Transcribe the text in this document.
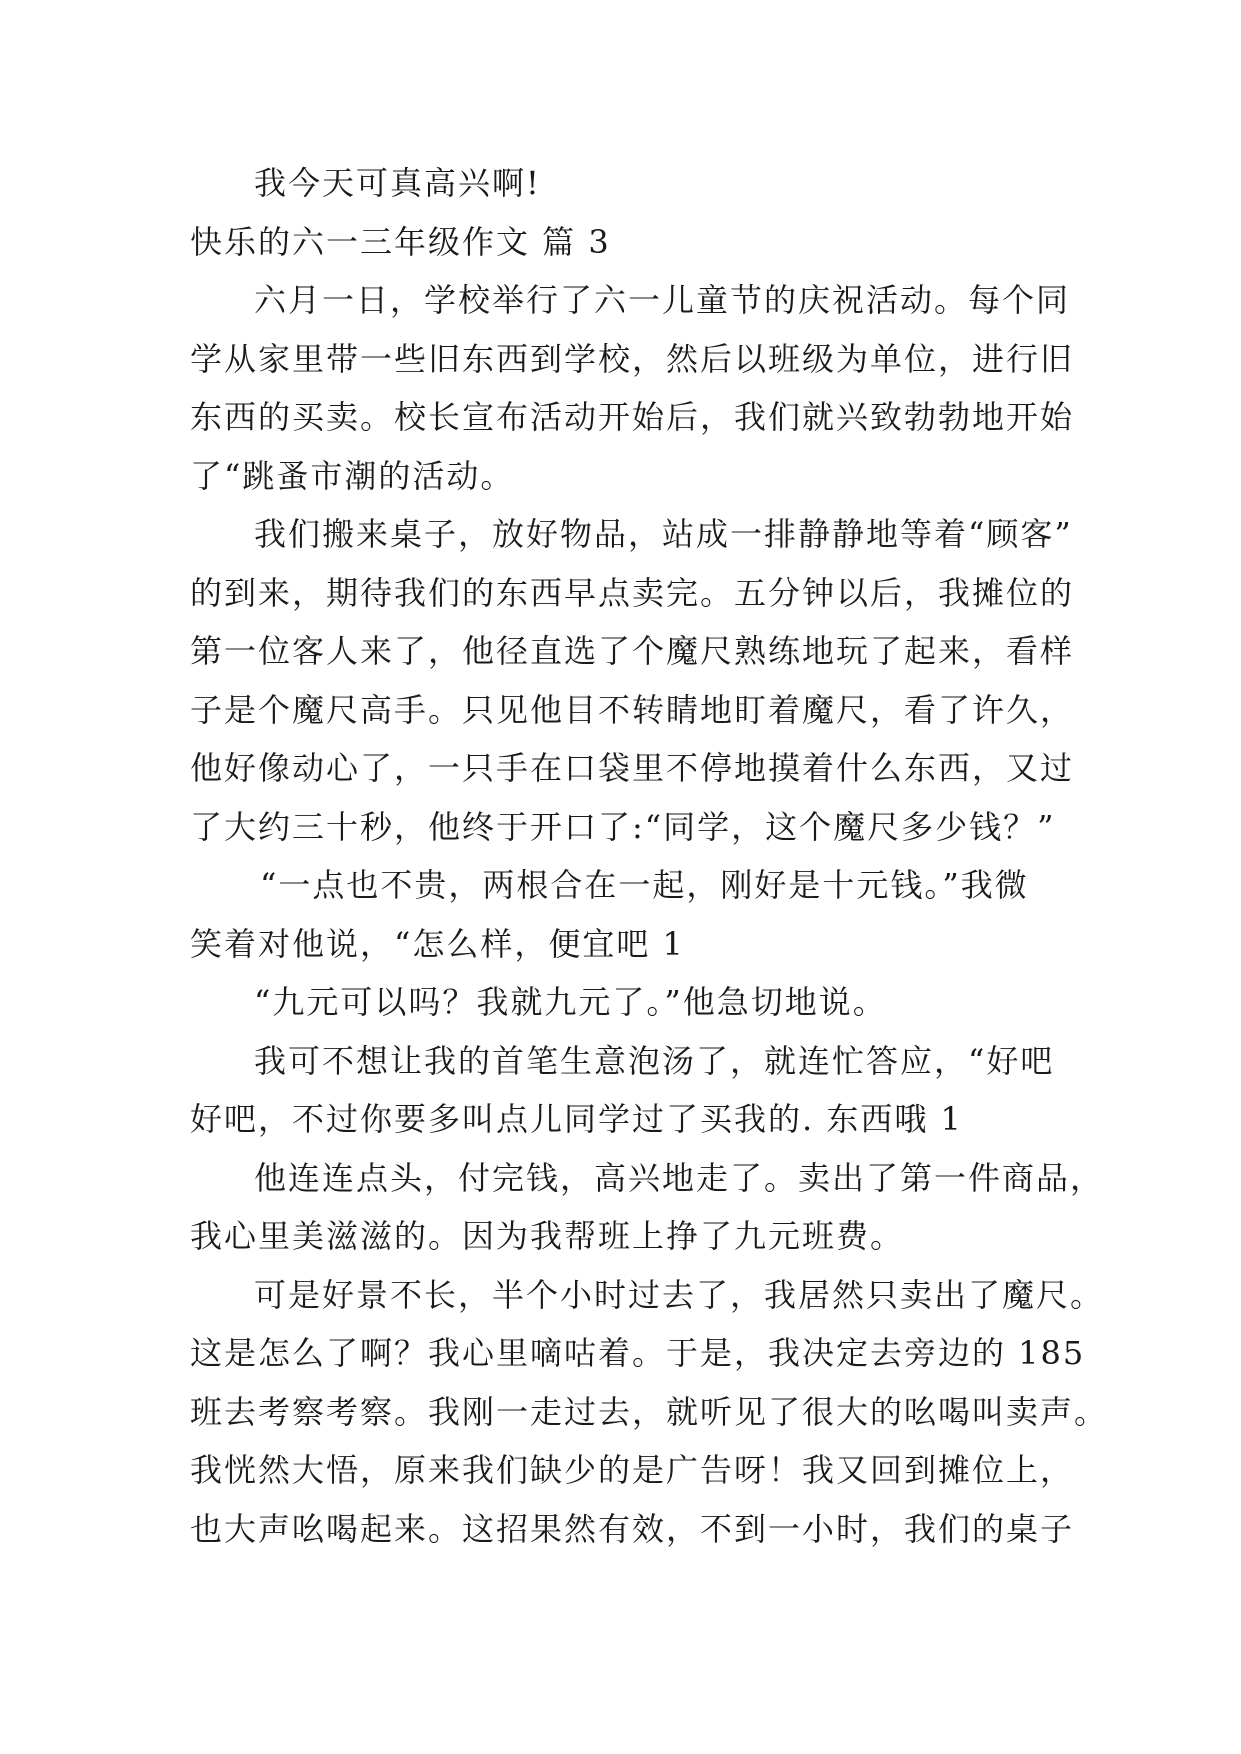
我今天可真高兴啊!
快乐的六一三年级作文 篇 3
六月一日，学校举行了六一儿童节的庆祝活动。每个同
学从家里带一些旧东西到学校，然后以班级为单位，进行旧
东西的买卖。校长宣布活动开始后，我们就兴致勃勃地开始
了“跳蚤市潮的活动。
我们搬来桌子，放好物品，站成一排静静地等着“顾客”
的到来，期待我们的东西早点卖完。五分钟以后，我摊位的
第一位客人来了，他径直选了个魔尺熟练地玩了起来，看样
子是个魔尺高手。只见他目不转睛地盯着魔尺，看了许久，
他好像动心了，一只手在口袋里不停地摸着什么东西，又过
了大约三十秒，他终于开口了:“同学，这个魔尺多少钱？”
“一点也不贵，两根合在一起，刚好是十元钱。”我微
笑着对他说，“怎么样，便宜吧 1
“九元可以吗？我就九元了。”他急切地说。
我可不想让我的首笔生意泡汤了，就连忙答应，“好吧
好吧，不过你要多叫点儿同学过了买我的. 东西哦 1
他连连点头，付完钱，高兴地走了。卖出了第一件商品，
我心里美滋滋的。因为我帮班上挣了九元班费。
可是好景不长，半个小时过去了，我居然只卖出了魔尺。
这是怎么了啊？我心里嘀咕着。于是，我决定去旁边的 185
班去考察考察。我刚一走过去，就听见了很大的吆喝叫卖声。
我恍然大悟，原来我们缺少的是广告呀！我又回到摊位上，
也大声吆喝起来。这招果然有效，不到一小时，我们的桌子
